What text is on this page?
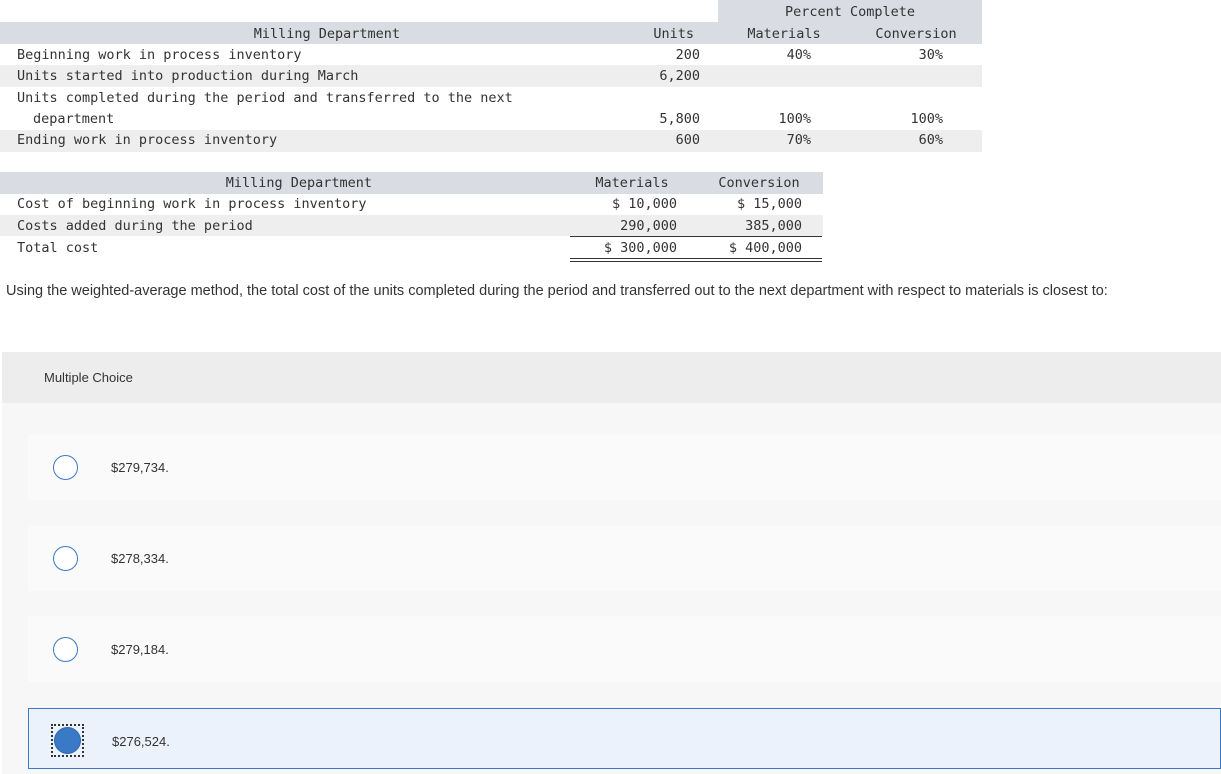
Percent Complete
Milling Department	Units	Materials	Conversion
Beginning work in process inventory	200	40%	30%
Units started into production during March	6,200
Units completed during the period and transferred to the next
department	5,800	100%	100%
Ending work in process inventory	600	70%	60%
Milling Department	Materials	Conversion
Cost of beginning work in process inventory	$ 10,000	$ 15,000
Costs added during the period	290,000	385,000
Total cost	$ 300,000	$ 400,000
Using the weighted-average method, the total cost of the units completed during the period and transferred out to the next department with respect to materials is closest to:
Multiple Choice
$279,734.
$278,334.
$279,184.
$276,524.
